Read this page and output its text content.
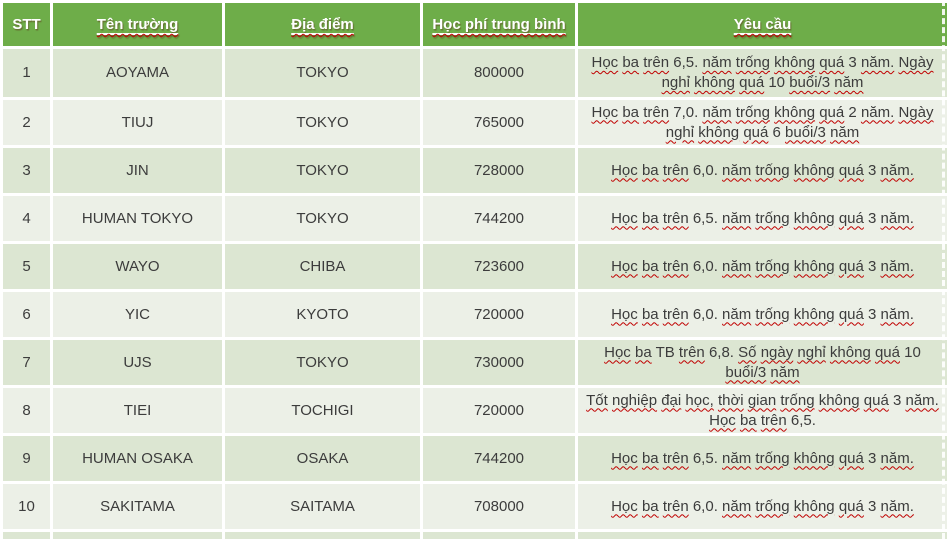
STT	Tên trường	Địa điểm	Học phí trung bình	Yêu cầu
1	AOYAMA	TOKYO	800000	Học ba trên 6,5. năm trống không quá 3 năm. Ngày nghỉ không quá 10 buổi/3 năm
2	TIUJ	TOKYO	765000	Học ba trên 7,0. năm trống không quá 2 năm. Ngày nghỉ không quá 6 buổi/3 năm
3	JIN	TOKYO	728000	Học ba trên 6,0. năm trống không quá 3 năm.
4	HUMAN TOKYO	TOKYO	744200	Học ba trên 6,5. năm trống không quá 3 năm.
5	WAYO	CHIBA	723600	Học ba trên 6,0. năm trống không quá 3 năm.
6	YIC	KYOTO	720000	Học ba trên 6,0. năm trống không quá 3 năm.
7	UJS	TOKYO	730000	Học ba TB trên 6,8. Số ngày nghỉ không quá 10 buổi/3 năm
8	TIEI	TOCHIGI	720000	Tốt nghiệp đại học, thời gian trống không quá 3 năm. Học ba trên 6,5.
9	HUMAN OSAKA	OSAKA	744200	Học ba trên 6,5. năm trống không quá 3 năm.
10	SAKITAMA	SAITAMA	708000	Học ba trên 6,0. năm trống không quá 3 năm.
